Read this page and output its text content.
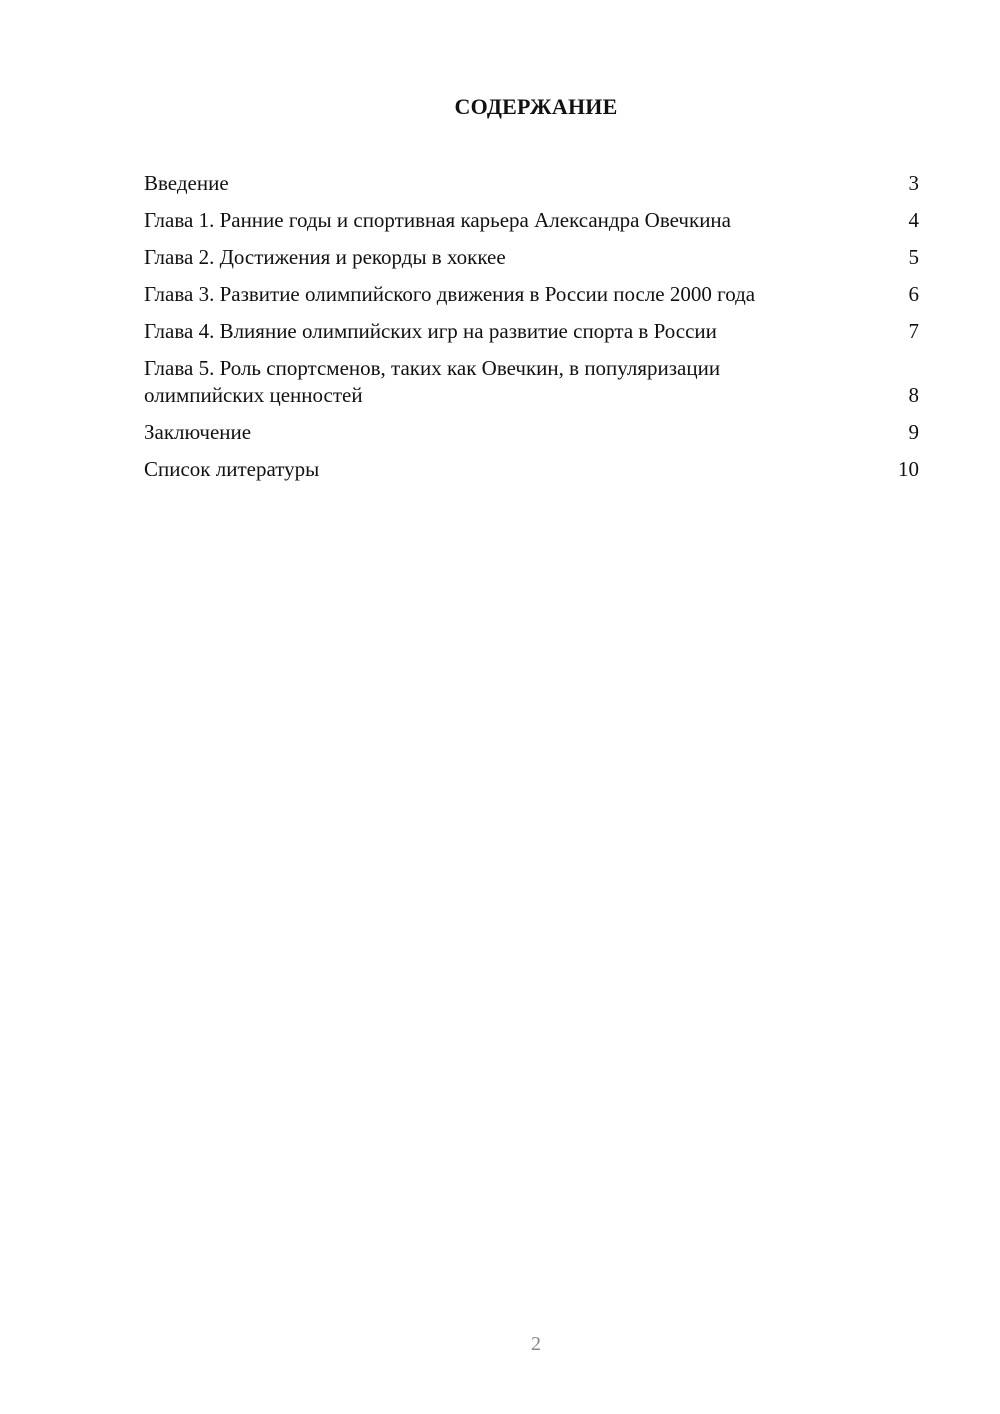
СОДЕРЖАНИЕ
Введение	3
Глава 1. Ранние годы и спортивная карьера Александра Овечкина	4
Глава 2. Достижения и рекорды в хоккее	5
Глава 3. Развитие олимпийского движения в России после 2000 года	6
Глава 4. Влияние олимпийских игр на развитие спорта в России	7
Глава 5. Роль спортсменов, таких как Овечкин, в популяризации олимпийских ценностей	8
Заключение	9
Список литературы	10
2
